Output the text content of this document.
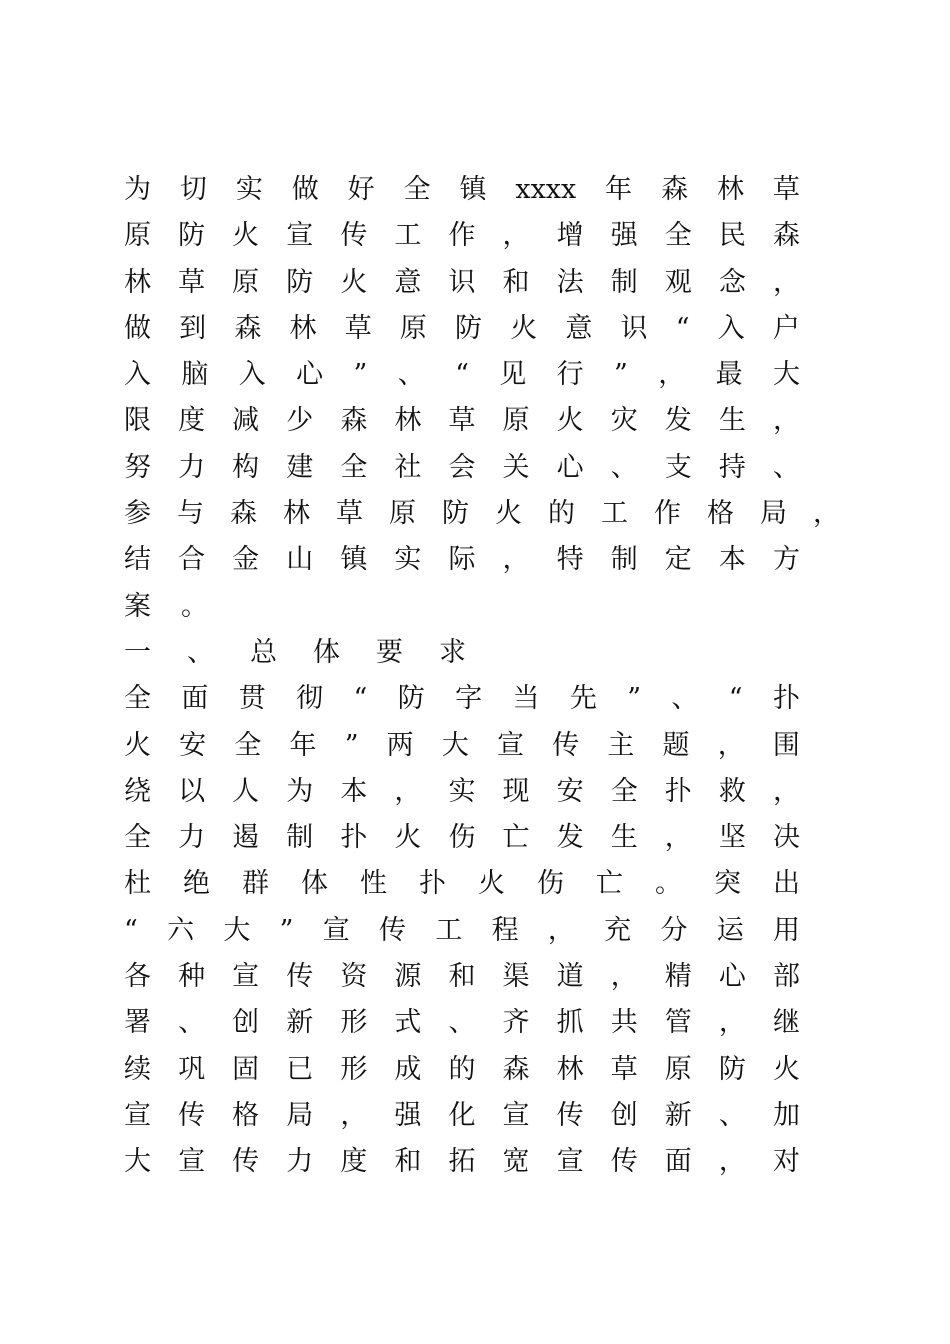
为 切 实 做 好 全 镇 xxxx 年 森 林 草
原 防 火 宣 传 工 作 ， 增 强 全 民 森
林 草 原 防 火 意 识 和 法 制 观 念 ，
做 到 森 林 草 原 防 火 意 识 “ 入 户
入 脑 入 心 ” 、 “ 见 行 ” ， 最 大
限 度 减 少 森 林 草 原 火 灾 发 生 ，
努 力 构 建 全 社 会 关 心 、 支 持 、
参 与 森 林 草 原 防 火 的 工 作 格 局 ，
结 合 金 山 镇 实 际 ， 特 制 定 本 方
案 。
一 、 总 体 要 求
全 面 贯 彻 “ 防 字 当 先 ” 、 “ 扑
火 安 全 年 ” 两 大 宣 传 主 题 ， 围
绕 以 人 为 本 ， 实 现 安 全 扑 救 ，
全 力 遏 制 扑 火 伤 亡 发 生 ， 坚 决
杜 绝 群 体 性 扑 火 伤 亡 。 突 出
“ 六 大 ” 宣 传 工 程 ， 充 分 运 用
各 种 宣 传 资 源 和 渠 道 ， 精 心 部
署 、 创 新 形 式 、 齐 抓 共 管 ， 继
续 巩 固 已 形 成 的 森 林 草 原 防 火
宣 传 格 局 ， 强 化 宣 传 创 新 、 加
大 宣 传 力 度 和 拓 宽 宣 传 面 ， 对
